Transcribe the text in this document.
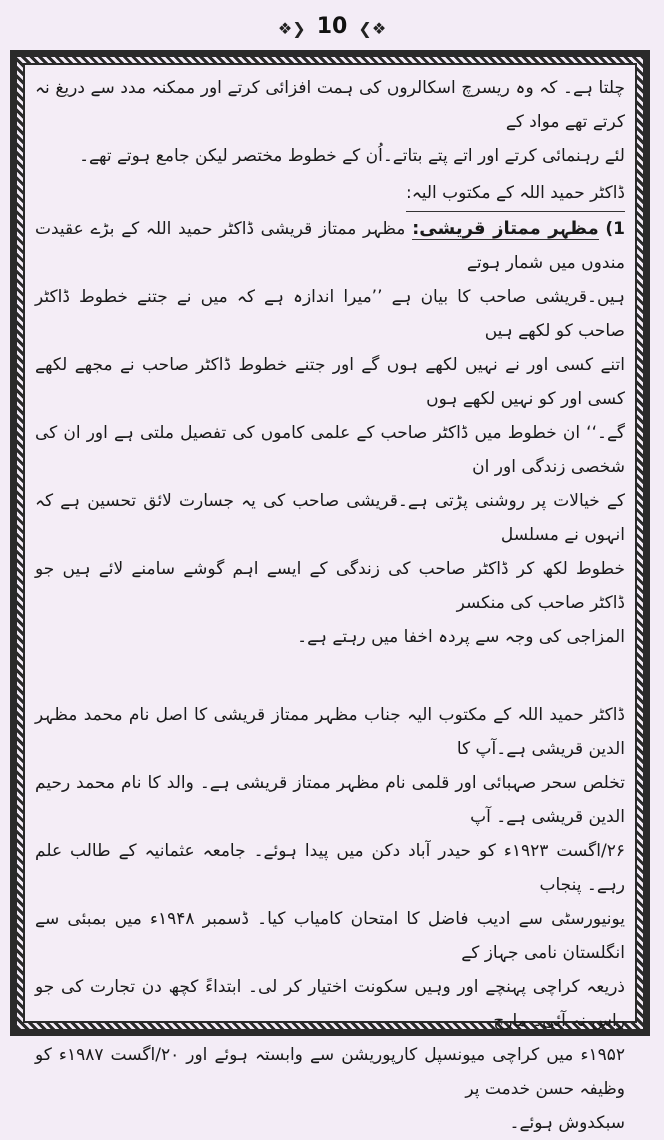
❖❯ 10 ❮❖

چلتا ہے۔ کہ وہ ریسرچ اسکالروں کی ہمت افزائی کرتے اور ممکنہ مدد سے دریغ نہ کرتے تھے مواد کے

لئے رہنمائی کرتے اور اتے پتے بتاتے۔اُن کے خطوط مختصر لیکن جامع ہوتے تھے۔

ڈاکٹر حمید اللہ کے مکتوب الیہ:

1) مظہر ممتاز قریشی: مظہر ممتاز قریشی ڈاکٹر حمید اللہ کے بڑے عقیدت مندوں میں شمار ہوتے

ہیں۔قریشی صاحب کا بیان ہے ’’میرا اندازہ ہے کہ میں نے جتنے خطوط ڈاکٹر صاحب کو لکھے ہیں

اتنے کسی اور نے نہیں لکھے ہوں گے اور جتنے خطوط ڈاکٹر صاحب نے مجھے لکھے کسی اور کو نہیں لکھے ہوں

گے۔‘‘ ان خطوط میں ڈاکٹر صاحب کے علمی کاموں کی تفصیل ملتی ہے اور ان کی شخصی زندگی اور ان

کے خیالات پر روشنی پڑتی ہے۔قریشی صاحب کی یہ جسارت لائق تحسین ہے کہ انہوں نے مسلسل

خطوط لکھ کر ڈاکٹر صاحب کی زندگی کے ایسے اہم گوشے سامنے لائے ہیں جو ڈاکٹر صاحب کی منکسر

المزاجی کی وجہ سے پردہ اخفا میں رہتے ہے۔

ڈاکٹر حمید اللہ کے مکتوب الیہ جناب مظہر ممتاز قریشی کا اصل نام محمد مظہر الدین قریشی ہے۔آپ کا

تخلص سحر صہبائی اور قلمی نام مظہر ممتاز قریشی ہے۔ والد کا نام محمد رحیم الدین قریشی ہے۔ آپ

۲۶/اگست ۱۹۲۳ء کو حیدر آباد دکن میں پیدا ہوئے۔ جامعہ عثمانیہ کے طالب علم رہے۔ پنجاب

یونیورسٹی سے ادیب فاضل کا امتحان کامیاب کیا۔ ڈسمبر ۱۹۴۸ء میں بمبئی سے انگلستان نامی جہاز کے

ذریعہ کراچی پہنچے اور وہیں سکونت اختیار کر لی۔ ابتداءً کچھ دن تجارت کی جو راس نہ آئی۔ مارچ

۱۹۵۲ء میں کراچی میونسپل کارپوریشن سے وابستہ ہوئے اور ۲۰/اگست ۱۹۸۷ء کو وظیفہ حسن خدمت پر

سبکدوش ہوئے۔
